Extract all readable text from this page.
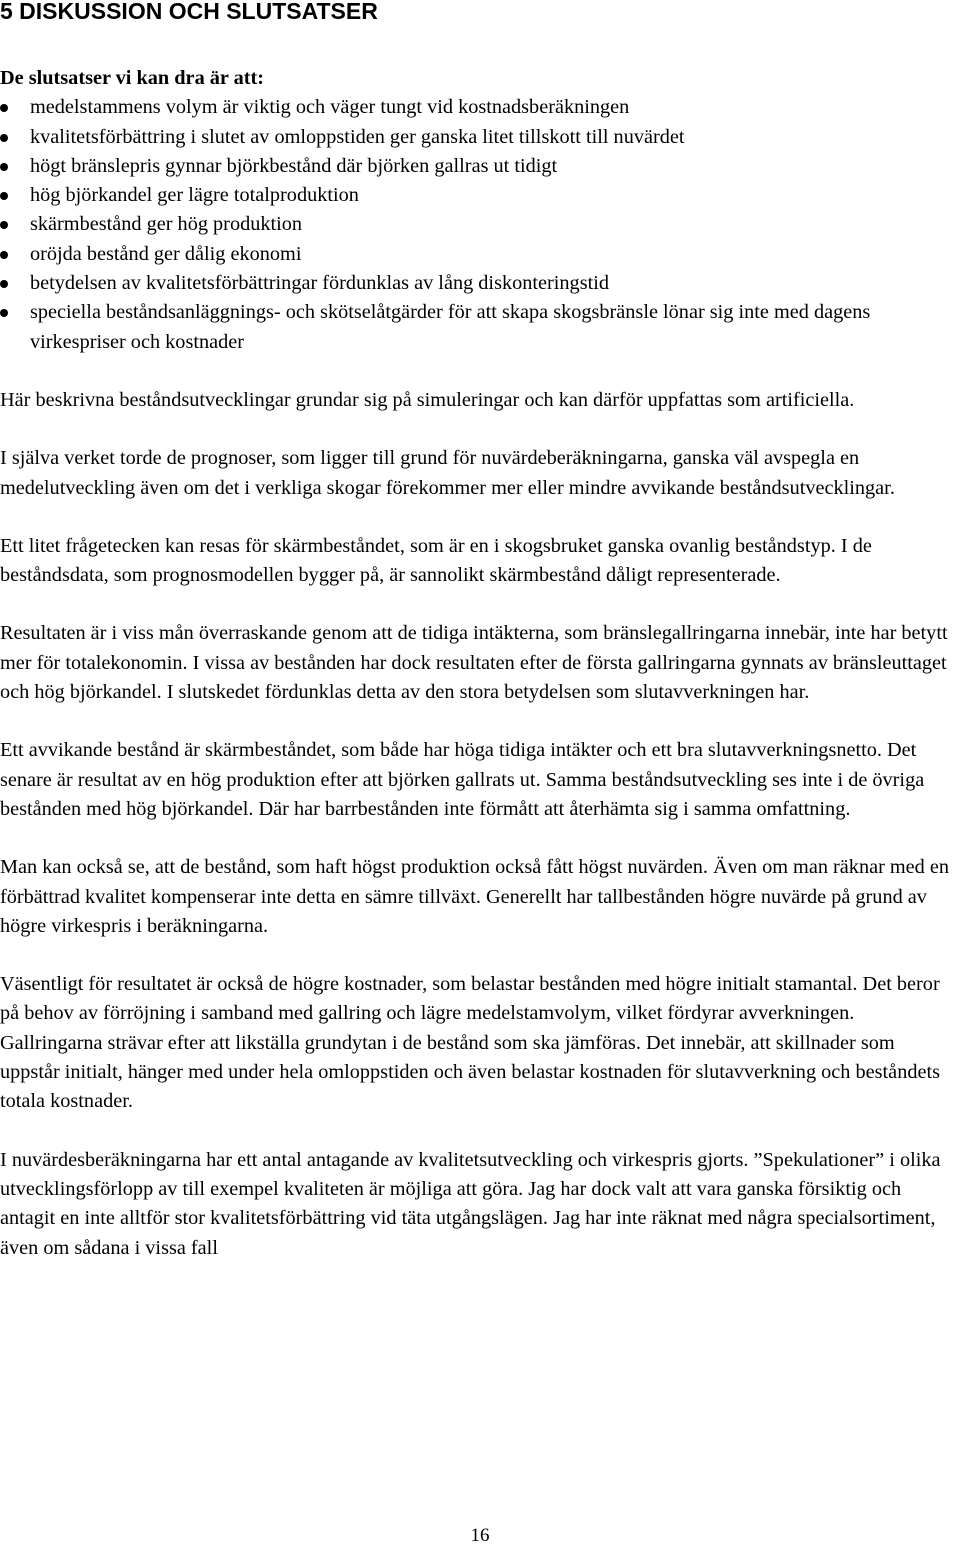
5 DISKUSSION OCH SLUTSATSER

De slutsatser vi kan dra är att:

medelstammens volym är viktig och väger tungt vid kostnadsberäkningen
kvalitetsförbättring i slutet av omloppstiden ger ganska litet tillskott till nuvärdet
högt bränslepris gynnar björkbestånd där björken gallras ut tidigt
hög björkandel ger lägre totalproduktion
skärmbestånd ger hög produktion
oröjda bestånd ger dålig ekonomi
betydelsen av kvalitetsförbättringar fördunklas av lång diskonteringstid
speciella beståndsanläggnings- och skötselåtgärder för att skapa skogsbränsle lönar sig inte med dagens virkespriser och kostnader

Här beskrivna beståndsutvecklingar grundar sig på simuleringar och kan därför uppfattas som artificiella.

I själva verket torde de prognoser, som ligger till grund för nuvärdeberäkningarna, ganska väl avspegla en medelutveckling även om det i verkliga skogar förekommer mer eller mindre avvikande beståndsutvecklingar.

Ett litet frågetecken kan resas för skärmbeståndet, som är en i skogsbruket ganska ovanlig beståndstyp. I de beståndsdata, som prognosmodellen bygger på, är sannolikt skärmbestånd dåligt representerade.

Resultaten är i viss mån överraskande genom att de tidiga intäkterna, som bränslegallringarna innebär, inte har betytt mer för totalekonomin. I vissa av bestånden har dock resultaten efter de första gallringarna gynnats av bränsleuttaget och hög björkandel. I slutskedet fördunklas detta av den stora betydelsen som slutavverkningen har.

Ett avvikande bestånd är skärmbeståndet, som både har höga tidiga intäkter och ett bra slutavverkningsnetto. Det senare är resultat av en hög produktion efter att björken gallrats ut. Samma beståndsutveckling ses inte i de övriga bestånden med hög björkandel. Där har barrbestånden inte förmått att återhämta sig i samma omfattning.

Man kan också se, att de bestånd, som haft högst produktion också fått högst nuvärden. Även om man räknar med en förbättrad kvalitet kompenserar inte detta en sämre tillväxt. Generellt har tallbestånden högre nuvärde på grund av högre virkespris i beräkningarna.

Väsentligt för resultatet är också de högre kostnader, som belastar bestånden med högre initialt stamantal. Det beror på behov av förröjning i samband med gallring och lägre medelstamvolym, vilket fördyrar avverkningen. Gallringarna strävar efter att likställa grundytan i de bestånd som ska jämföras. Det innebär, att skillnader som uppstår initialt, hänger med under hela omloppstiden och även belastar kostnaden för slutavverkning och beståndets totala kostnader.

I nuvärdesberäkningarna har ett antal antagande av kvalitetsutveckling och virkespris gjorts. ”Spekulationer” i olika utvecklingsförlopp av till exempel kvaliteten är möjliga att göra. Jag har dock valt att vara ganska försiktig och antagit en inte alltför stor kvalitetsförbättring vid täta utgångslägen. Jag har inte räknat med några specialsortiment, även om sådana i vissa fall

16
